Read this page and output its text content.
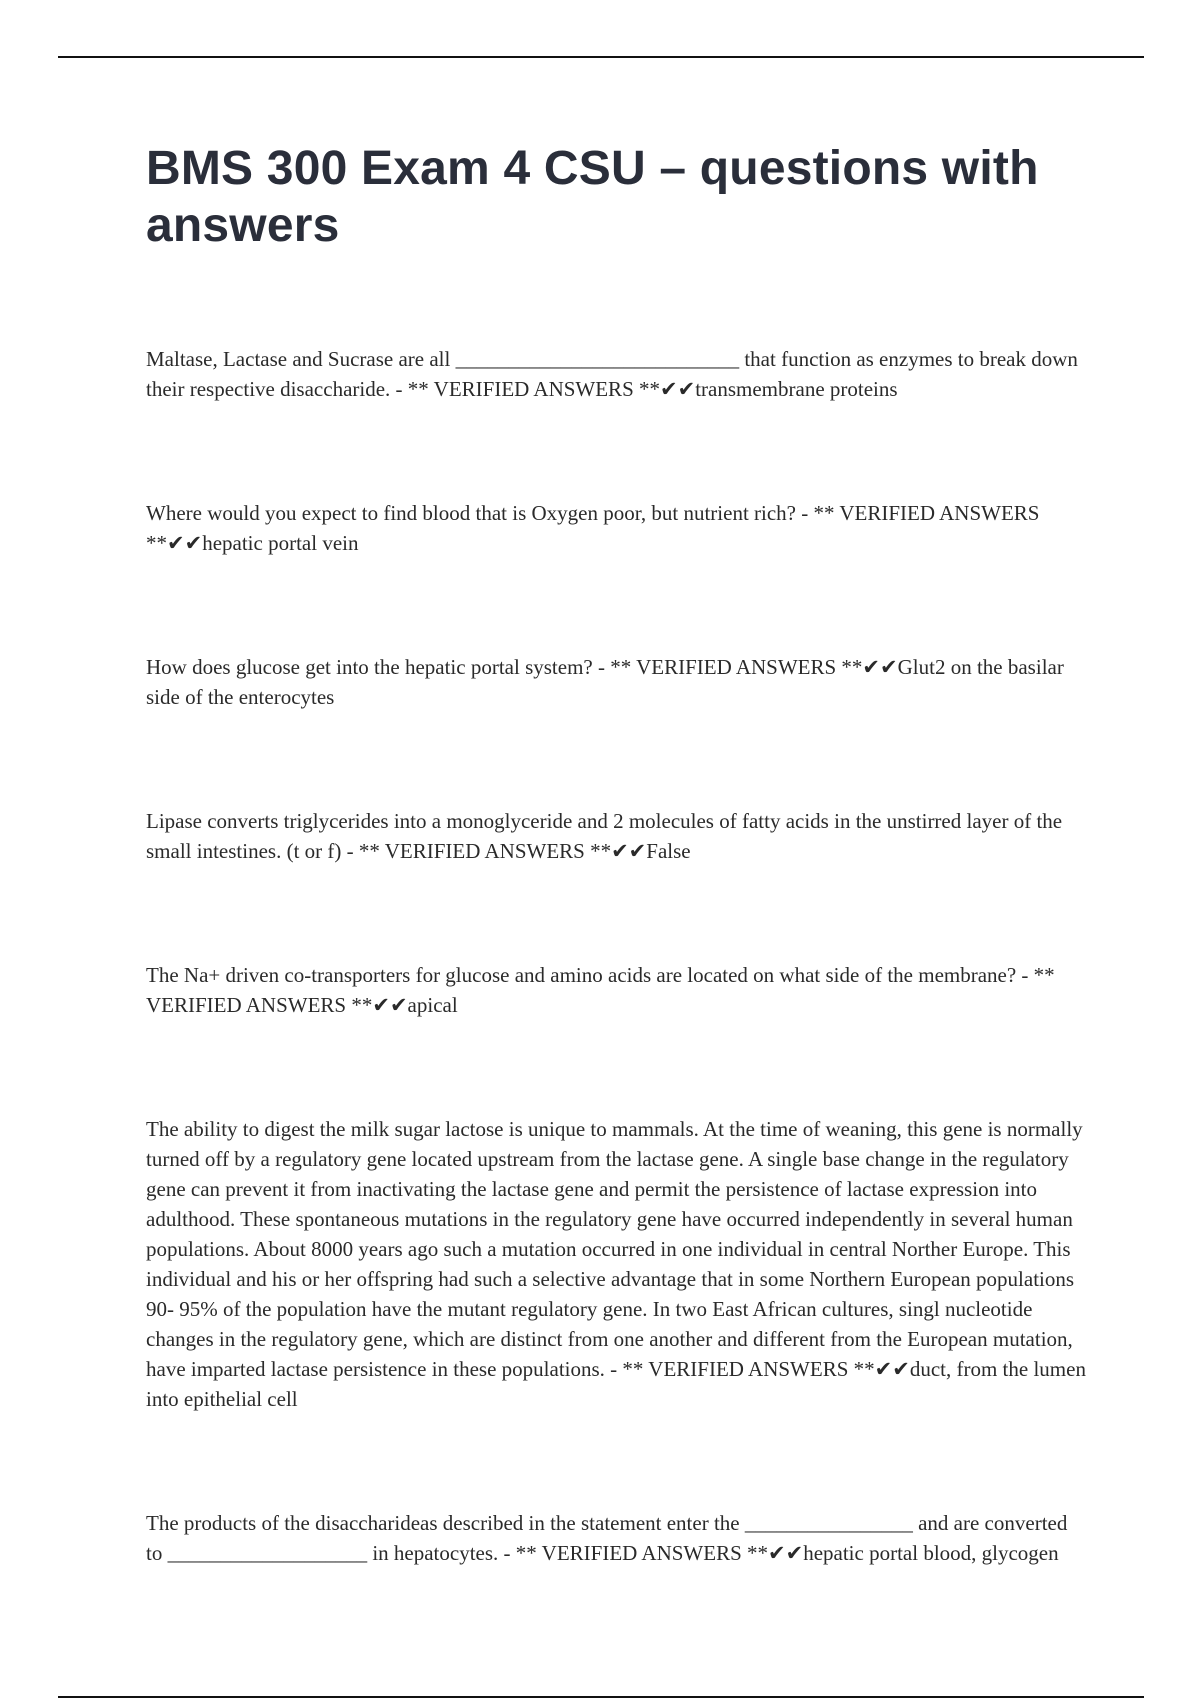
BMS 300 Exam 4 CSU – questions with answers

Maltase, Lactase and Sucrase are all ___________________________ that function as enzymes to break down their respective disaccharide. - ** VERIFIED ANSWERS **✔✔transmembrane proteins

Where would you expect to find blood that is Oxygen poor, but nutrient rich? - ** VERIFIED ANSWERS **✔✔hepatic portal vein

How does glucose get into the hepatic portal system? - ** VERIFIED ANSWERS **✔✔Glut2 on the basilar side of the enterocytes

Lipase converts triglycerides into a monoglyceride and 2 molecules of fatty acids in the unstirred layer of the small intestines. (t or f) - ** VERIFIED ANSWERS **✔✔False

The Na+ driven co-transporters for glucose and amino acids are located on what side of the membrane? - ** VERIFIED ANSWERS **✔✔apical

The ability to digest the milk sugar lactose is unique to mammals. At the time of weaning, this gene is normally turned off by a regulatory gene located upstream from the lactase gene. A single base change in the regulatory gene can prevent it from inactivating the lactase gene and permit the persistence of lactase expression into adulthood. These spontaneous mutations in the regulatory gene have occurred independently in several human populations. About 8000 years ago such a mutation occurred in one individual in central Norther Europe. This individual and his or her offspring had such a selective advantage that in some Northern European populations 90- 95% of the population have the mutant regulatory gene. In two East African cultures, singl nucleotide changes in the regulatory gene, which are distinct from one another and different from the European mutation, have imparted lactase persistence in these populations. - ** VERIFIED ANSWERS **✔✔duct, from the lumen into epithelial cell

The products of the disaccharideas described in the statement enter the ________________ and are converted to ___________________ in hepatocytes. - ** VERIFIED ANSWERS **✔✔hepatic portal blood, glycogen
